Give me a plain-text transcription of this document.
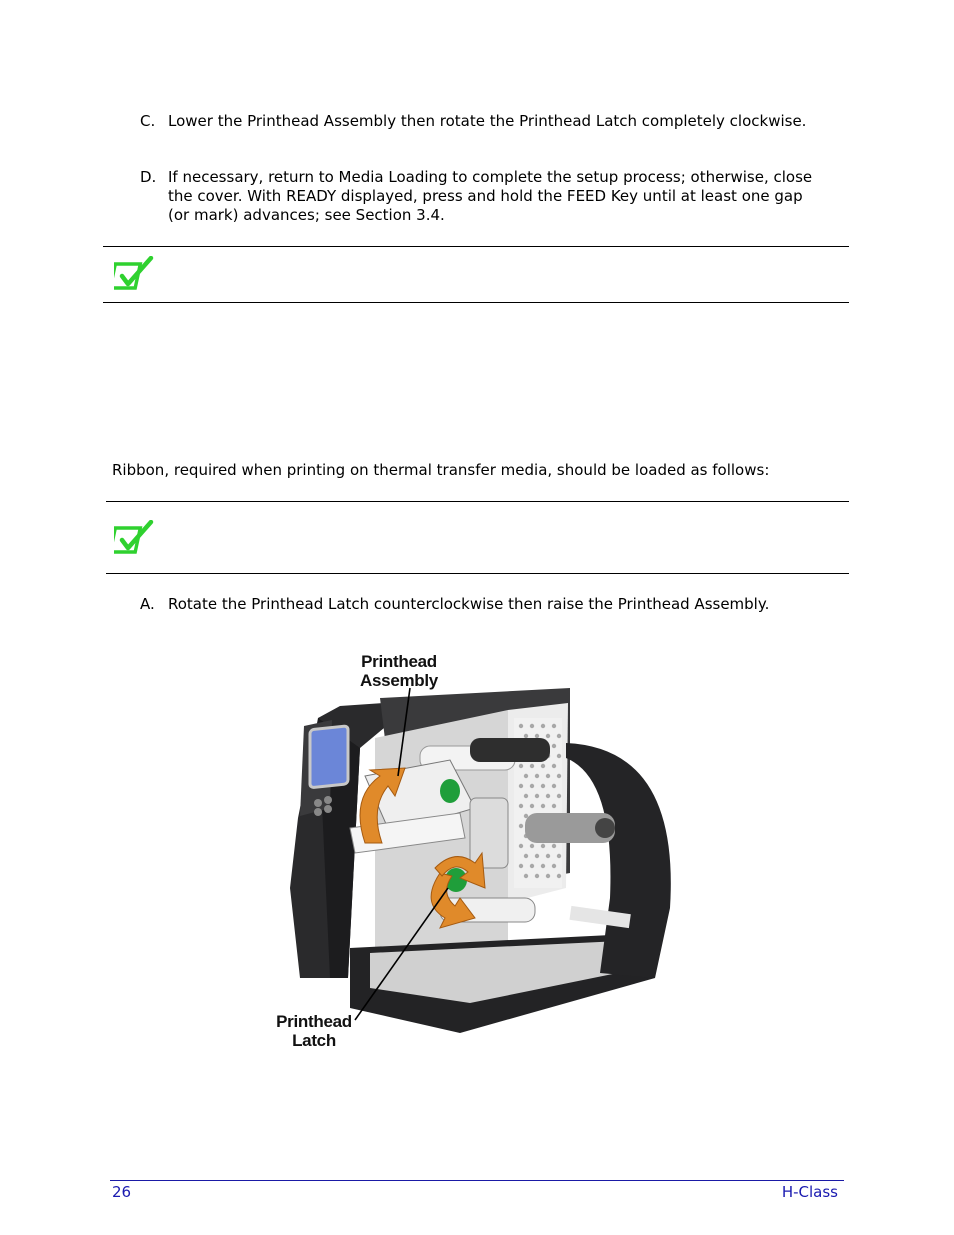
C. Lower the Printhead Assembly then rotate the Printhead Latch completely clockwise.
D. If necessary, return to Media Loading to complete the setup process; otherwise, close the cover. With READY displayed, press and hold the FEED Key until at least one gap (or mark) advances; see Section 3.4.
Ribbon, required when printing on thermal transfer media, should be loaded as follows:
A. Rotate the Printhead Latch counterclockwise then raise the Printhead Assembly.
Printhead
Assembly
Printhead
Latch
26	H-Class
